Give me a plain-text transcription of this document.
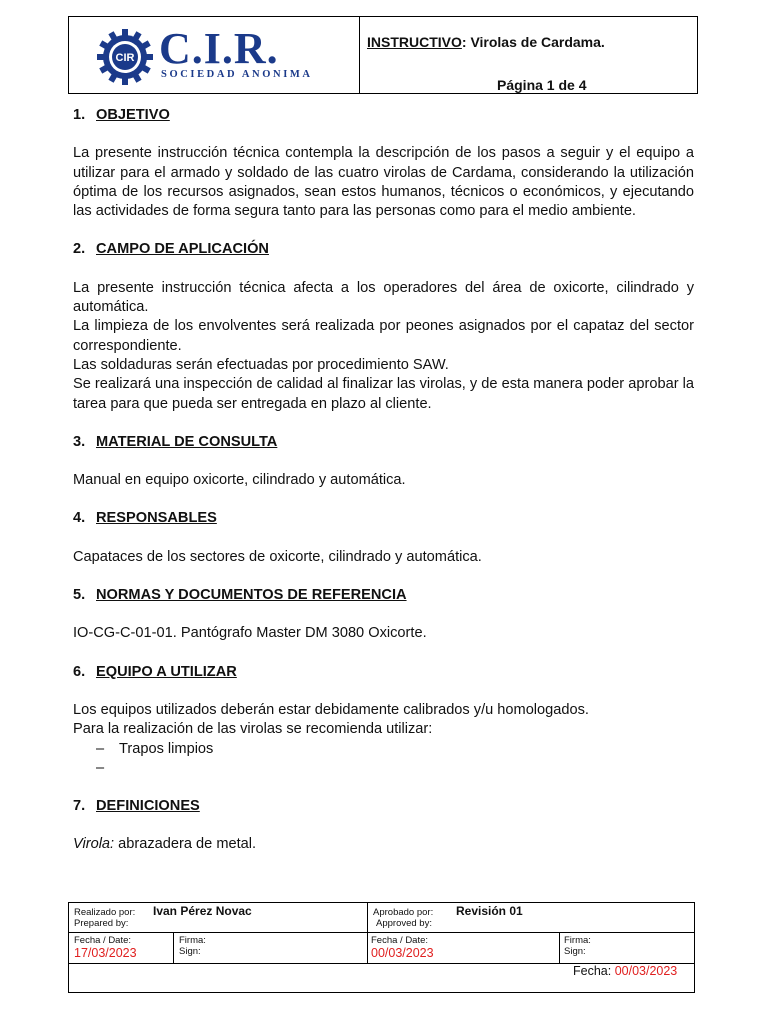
CIR C.I.R.
SOCIEDAD ANONIMA
INSTRUCTIVO: Virolas de Cardama.
Página 1 de 4
1. OBJETIVO

La presente instrucción técnica contempla la descripción de los pasos a seguir y el equipo a utilizar para el armado y soldado de las cuatro virolas de Cardama, considerando la utilización óptima de los recursos asignados, sean estos humanos, técnicos o económicos, y ejecutando las actividades de forma segura tanto para las personas como para el medio ambiente.

2. CAMPO DE APLICACIÓN

La presente instrucción técnica afecta a los operadores del área de oxicorte, cilindrado y automática.

La limpieza de los envolventes será realizada por peones asignados por el capataz del sector correspondiente.

Las soldaduras serán efectuadas por procedimiento SAW.

Se realizará una inspección de calidad al finalizar las virolas, y de esta manera poder aprobar la tarea para que pueda ser entregada en plazo al cliente.

3. MATERIAL DE CONSULTA

Manual en equipo oxicorte, cilindrado y automática.

4. RESPONSABLES

Capataces de los sectores de oxicorte, cilindrado y automática.

5. NORMAS Y DOCUMENTOS DE REFERENCIA

IO-CG-C-01-01. Pantógrafo Master DM 3080 Oxicorte.

6. EQUIPO A UTILIZAR

Los equipos utilizados deberán estar debidamente calibrados y/u homologados.

Para la realización de las virolas se recomienda utilizar:

–	Trapos limpios
–
7. DEFINICIONES

Virola: abrazadera de metal.

Realizado por:
Prepared by:
Ivan Pérez Novac	Aprobado por:
Approved by:
Revisión 01
Fecha / Date:
17/03/2023
Firma:
Sign:
Fecha / Date:
00/03/2023
Firma:
Sign:
Fecha: 00/03/2023
